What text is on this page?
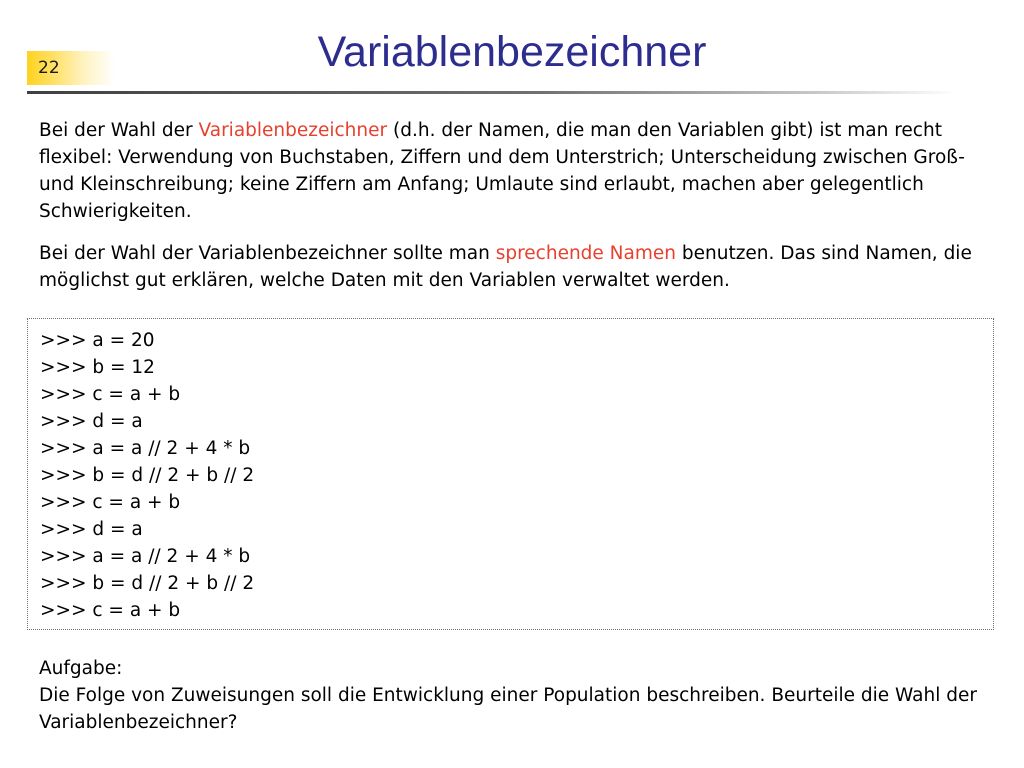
22	Variablenbezeichner

Bei der Wahl der Variablenbezeichner (d.h. der Namen, die man den Variablen gibt) ist man recht flexibel: Verwendung von Buchstaben, Ziffern und dem Unterstrich; Unterscheidung zwischen Groß- und Kleinschreibung; keine Ziffern am Anfang; Umlaute sind erlaubt, machen aber gelegentlich Schwierigkeiten.

Bei der Wahl der Variablenbezeichner sollte man sprechende Namen benutzen. Das sind Namen, die möglichst gut erklären, welche Daten mit den Variablen verwaltet werden.

>>> a = 20
>>> b = 12
>>> c = a + b
>>> d = a
>>> a = a // 2 + 4 * b
>>> b = d // 2 + b // 2
>>> c = a + b
>>> d = a
>>> a = a // 2 + 4 * b
>>> b = d // 2 + b // 2
>>> c = a + b
Aufgabe:
Die Folge von Zuweisungen soll die Entwicklung einer Population beschreiben. Beurteile die Wahl der Variablenbezeichner?
